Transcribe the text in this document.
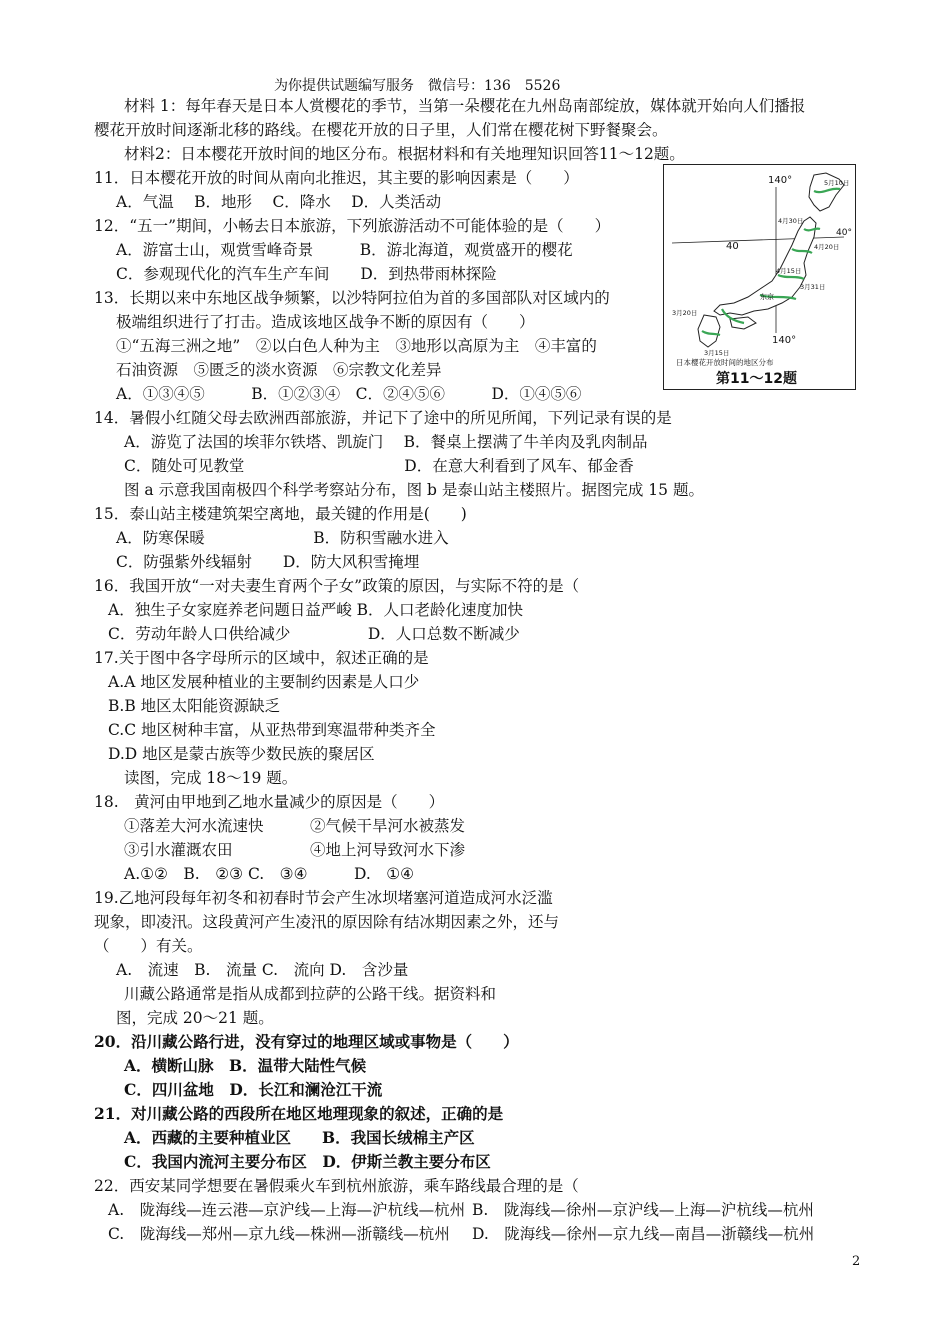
为你提供试题编写服务　微信号：136　5526
材料 1：每年春天是日本人赏樱花的季节，当第一朵樱花在九州岛南部绽放，媒体就开始向人们播报
樱花开放时间逐渐北移的路线。在樱花开放的日子里，人们常在樱花树下野餐聚会。
材料2：日本樱花开放时间的地区分布。根据材料和有关地理知识回答11～12题。
11．日本樱花开放的时间从南向北推迟，其主要的影响因素是（　　）
A．气温　 B．地形　 C．降水　 D．人类活动
12．“五一”期间，小畅去日本旅游，下列旅游活动不可能体验的是（　　）
A．游富士山，观赏雪峰奇景　　　B．游北海道，观赏盛开的樱花
C．参观现代化的汽车生产车间　　D．到热带雨林探险
13．长期以来中东地区战争频繁，以沙特阿拉伯为首的多国部队对区域内的
极端组织进行了打击。造成该地区战争不断的原因有（　　）
①“五海三洲之地”　②以白色人种为主　③地形以高原为主　④丰富的
石油资源　⑤匮乏的淡水资源　⑥宗教文化差异
A．①③④⑤　　　B．①②③④　C．②④⑤⑥　　　D．①④⑤⑥
14．暑假小红随父母去欧洲西部旅游，并记下了途中的所见所闻，下列记录有误的是
A．游览了法国的埃菲尔铁塔、凯旋门　 B．餐桌上摆满了牛羊肉及乳肉制品
C．随处可见教堂　　　　　　　　　　 D．在意大利看到了风车、郁金香
图 a 示意我国南极四个科学考察站分布，图 b 是泰山站主楼照片。据图完成 15 题。
15．泰山站主楼建筑架空离地，最关键的作用是(　　)
A．防寒保暖　　　　　　　B．防积雪融水进入
C．防强紫外线辐射　　D．防大风积雪掩埋
16．我国开放“一对夫妻生育两个子女”政策的原因，与实际不符的是（
A．独生子女家庭养老问题日益严峻 B．人口老龄化速度加快
C．劳动年龄人口供给减少　　　　　D．人口总数不断减少
17.关于图中各字母所示的区域中，叙述正确的是
A.A 地区发展种植业的主要制约因素是人口少
B.B 地区太阳能资源缺乏
C.C 地区树种丰富，从亚热带到寒温带种类齐全
D.D 地区是蒙古族等少数民族的聚居区
读图，完成 18～19 题。
18.　黄河由甲地到乙地水量减少的原因是（　　）
①落差大河水流速快　　　②气候干旱河水被蒸发
③引水灌溉农田　　　　　④地上河导致河水下渗
A.①②　B.　②③ C.　③④　　　D.　①④
19.乙地河段每年初冬和初春时节会产生冰坝堵塞河道造成河水泛滥
现象，即凌汛。这段黄河产生凌汛的原因除有结冰期因素之外，还与
（　　）有关。
A.　流速　B.　流量 C.　流向 D.　含沙量
川藏公路通常是指从成都到拉萨的公路干线。据资料和
图，完成 20～21 题。
20．沿川藏公路行进，没有穿过的地理区域或事物是（　　）
A．横断山脉　B．温带大陆性气候
C．四川盆地　D．长江和澜沧江干流
21．对川藏公路的西段所在地区地理现象的叙述，正确的是
A．西藏的主要种植业区　　B．我国长绒棉主产区
C．我国内流河主要分布区　D．伊斯兰教主要分布区
22．西安某同学想要在暑假乘火车到杭州旅游，乘车路线最合理的是（
A.　陇海线—连云港—京沪线—上海—沪杭线—杭州 B.　陇海线—徐州—京沪线—上海—沪杭线—杭州
C.　陇海线—郑州—京九线—株洲—浙赣线—杭州 D.　陇海线—徐州—京九线—南昌—浙赣线—杭州
140°
140°
40
40°
5月10日
4月30日
4月20日
4月15日
3月31日
3月20日
3月15日
东京
日本樱花开放时间的地区分布
第11～12题
2
